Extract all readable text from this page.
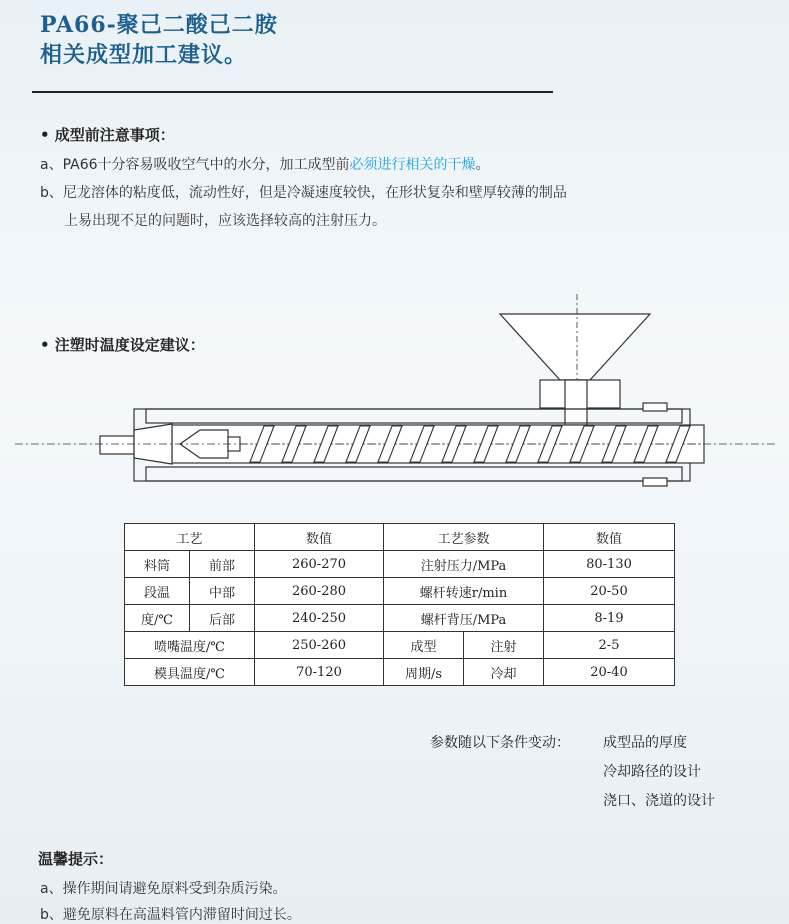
PA66-聚己二酸己二胺
相关成型加工建议。
• 成型前注意事项：
a、PA66十分容易吸收空气中的水分，加工成型前必须进行相关的干燥。
b、尼龙溶体的粘度低，流动性好，但是冷凝速度较快，在形状复杂和壁厚较薄的制品
上易出现不足的问题时，应该选择较高的注射压力。
• 注塑时温度设定建议：
工艺		数值	工艺参数		数值
料筒	前部	260-270	注射压力/MPa		80-130
段温	中部	260-280	螺杆转速r/min		20-50
度/℃	后部	240-250	螺杆背压/MPa		8-19
喷嘴温度/℃		250-260	成型	注射	2-5
模具温度/℃		70-120	周期/s	冷却	20-40
参数随以下条件变动： 成型品的厚度
冷却路径的设计
浇口、浇道的设计
温馨提示：
a、操作期间请避免原料受到杂质污染。
b、避免原料在高温料管内滞留时间过长。
